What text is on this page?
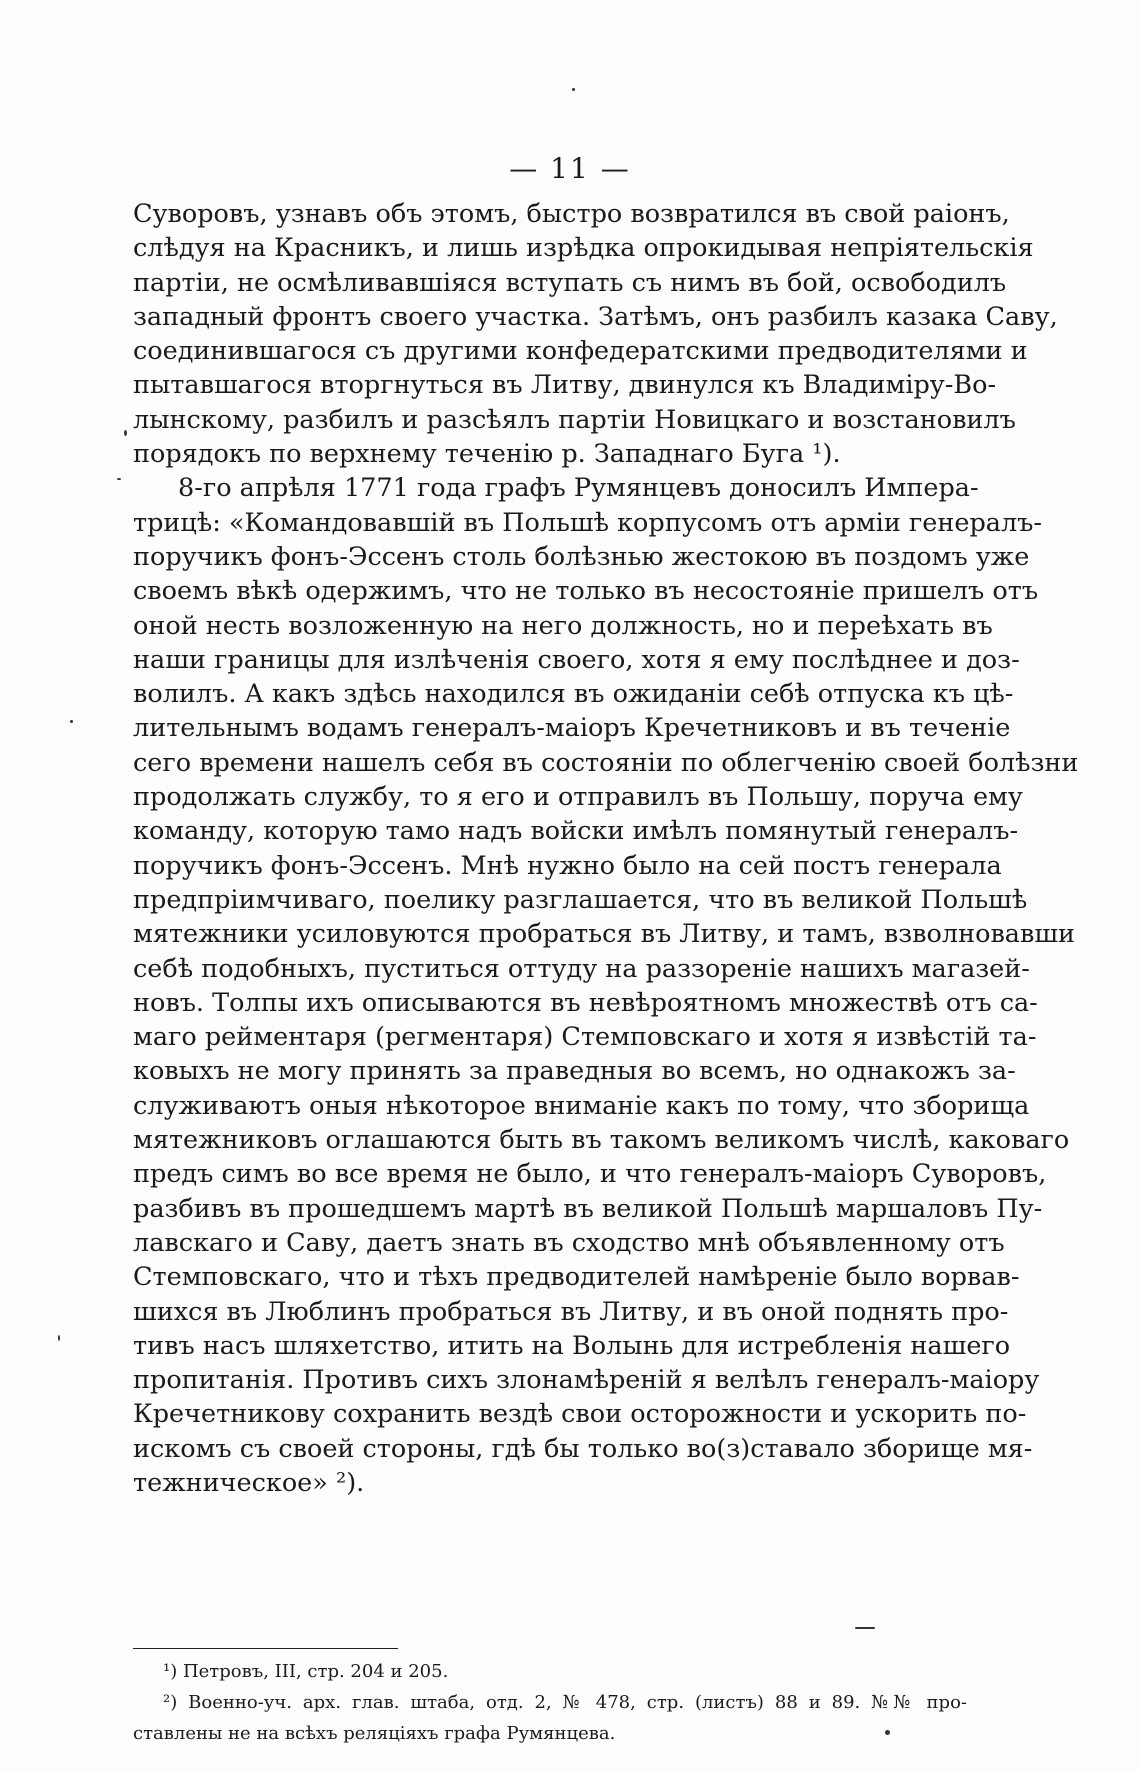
— 11 —
Суворовъ, узнавъ объ этомъ, быстро возвратился въ свой раіонъ,
слѣдуя на Красникъ, и лишь изрѣдка опрокидывая непріятельскія
партіи, не осмѣливавшіяся вступать съ нимъ въ бой, освободилъ
западный фронтъ своего участка. Затѣмъ, онъ разбилъ казака Саву,
соединившагося съ другими конфедератскими предводителями и
пытавшагося вторгнуться въ Литву, двинулся къ Владиміру-Во-
лынскому, разбилъ и разсѣялъ партіи Новицкаго и возстановилъ
порядокъ по верхнему теченію р. Западнаго Буга ¹).
8-го апрѣля 1771 года графъ Румянцевъ доносилъ Импера-
трицѣ: «Командовавшій въ Польшѣ корпусомъ отъ арміи генералъ-
поручикъ фонъ-Эссенъ столь болѣзнью жестокою въ поздомъ уже
своемъ вѣкѣ одержимъ, что не только въ несостояніе пришелъ отъ
оной несть возложенную на него должность, но и переѣхать въ
наши границы для излѣченія своего, хотя я ему послѣднее и доз-
волилъ. А какъ здѣсь находился въ ожиданіи себѣ отпуска къ цѣ-
лительнымъ водамъ генералъ-маіоръ Кречетниковъ и въ теченіе
сего времени нашелъ себя въ состояніи по облегченію своей болѣзни
продолжать службу, то я его и отправилъ въ Польшу, поруча ему
команду, которую тамо надъ войски имѣлъ помянутый генералъ-
поручикъ фонъ-Эссенъ. Мнѣ нужно было на сей постъ генерала
предпріимчиваго, поелику разглашается, что въ великой Польшѣ
мятежники усиловуются пробраться въ Литву, и тамъ, взволновавши
себѣ подобныхъ, пуститься оттуду на раззореніе нашихъ магазей-
новъ. Толпы ихъ описываются въ невѣроятномъ множествѣ отъ са-
маго рейментаря (регментаря) Стемповскаго и хотя я извѣстій та-
ковыхъ не могу принять за праведныя во всемъ, но однакожъ за-
служиваютъ оныя нѣкоторое вниманіе какъ по тому, что зборища
мятежниковъ оглашаются быть въ такомъ великомъ числѣ, каковаго
предъ симъ во все время не было, и что генералъ-маіоръ Суворовъ,
разбивъ въ прошедшемъ мартѣ въ великой Польшѣ маршаловъ Пу-
лавскаго и Саву, даетъ знать въ сходство мнѣ объявленному отъ
Стемповскаго, что и тѣхъ предводителей намѣреніе было ворвав-
шихся въ Люблинъ пробраться въ Литву, и въ оной поднять про-
тивъ насъ шляхетство, итить на Волынь для истребленія нашего
пропитанія. Противъ сихъ злонамѣреній я велѣлъ генералъ-маіору
Кречетникову сохранить вездѣ свои осторожности и ускорить по-
искомъ съ своей стороны, гдѣ бы только во(з)ставало зборище мя-
тежническое» ²).
¹) Петровъ, III, стр. 204 и 205.
²) Военно-уч. арх. глав. штаба, отд. 2, № 478, стр. (листъ) 88 и 89. №№ про-
ставлены не на всѣхъ реляціяхъ графа Румянцева.
